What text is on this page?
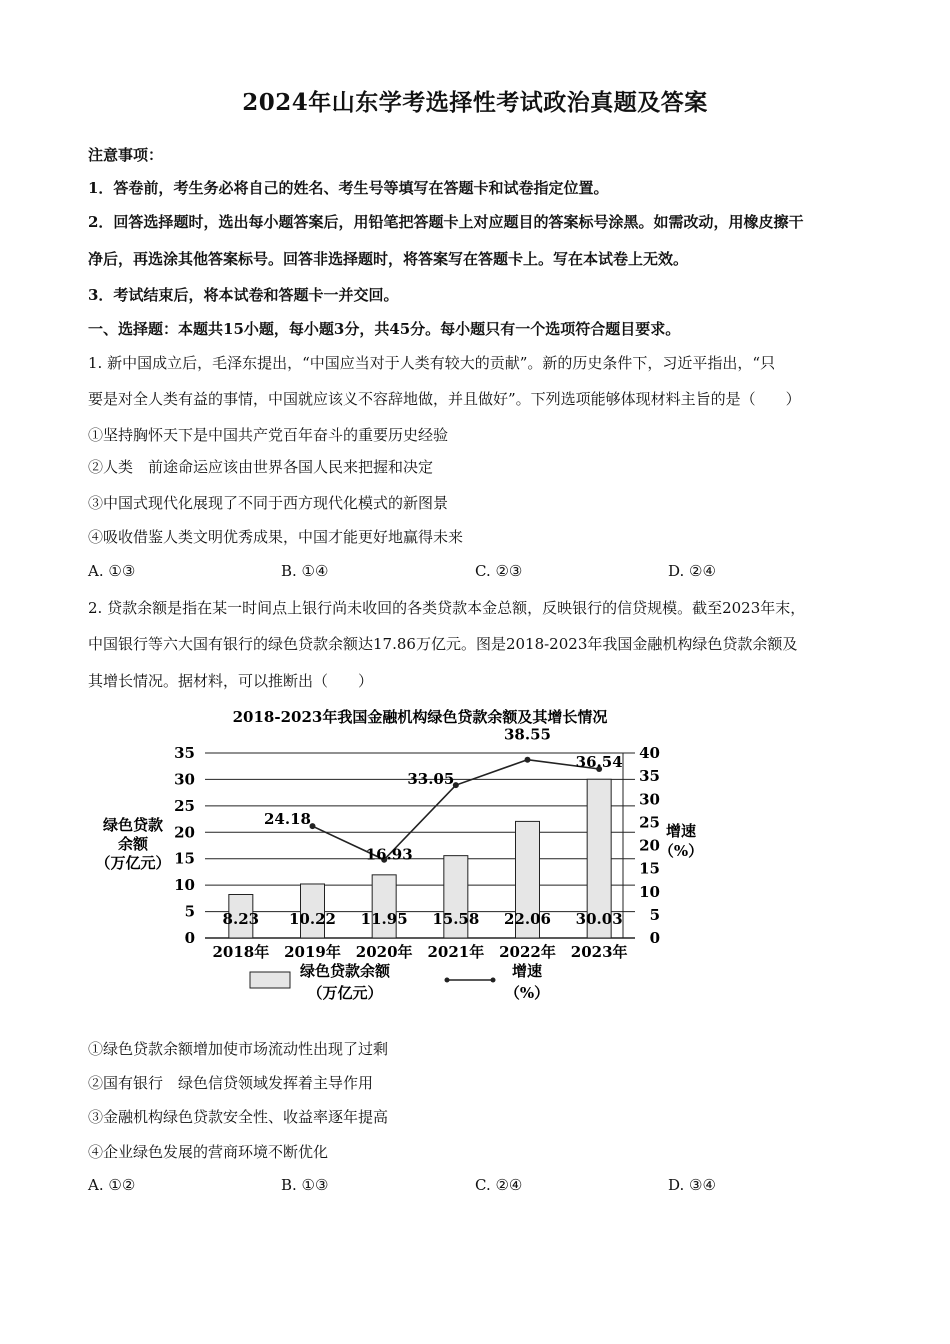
2024年山东学考选择性考试政治真题及答案
注意事项：
1．答卷前，考生务必将自己的姓名、考生号等填写在答题卡和试卷指定位置。
2．回答选择题时，选出每小题答案后，用铅笔把答题卡上对应题目的答案标号涂黑。如需改动，用橡皮擦干
净后，再选涂其他答案标号。回答非选择题时，将答案写在答题卡上。写在本试卷上无效。
3．考试结束后，将本试卷和答题卡一并交回。
一、选择题：本题共15小题，每小题3分，共45分。每小题只有一个选项符合题目要求。
1. 新中国成立后，毛泽东提出，“中国应当对于人类有较大的贡献”。新的历史条件下，习近平指出，“只
要是对全人类有益的事情，中国就应该义不容辞地做，并且做好”。下列选项能够体现材料主旨的是（　　）
①坚持胸怀天下是中国共产党百年奋斗的重要历史经验
②人类　前途命运应该由世界各国人民来把握和决定
③中国式现代化展现了不同于西方现代化模式的新图景
④吸收借鉴人类文明优秀成果，中国才能更好地赢得未来
A. ①③	B. ①④	C. ②③	D. ②④
2. 贷款余额是指在某一时间点上银行尚未收回的各类贷款本金总额，反映银行的信贷规模。截至2023年末，
中国银行等六大国有银行的绿色贷款余额达17.86万亿元。图是2018-2023年我国金融机构绿色贷款余额及
其增长情况。据材料，可以推断出（　　）
2018-2023年我国金融机构绿色贷款余额及其增长情况
8.23 10.22 11.95 15.58 22.06 30.03
24.18
16.93
33.05
38.55
36.54
0
5
10
15
20
25
30
35
0
5
10
15
20
25
30
35
40
2018年 2019年 2020年 2021年 2022年 2023年
绿色贷款
余额
（万亿元）
增速
（%）
绿色贷款余额
（万亿元）
增速
（%）
①绿色贷款余额增加使市场流动性出现了过剩
②国有银行　绿色信贷领域发挥着主导作用
③金融机构绿色贷款安全性、收益率逐年提高
④企业绿色发展的营商环境不断优化
A. ①②	B. ①③	C. ②④	D. ③④
